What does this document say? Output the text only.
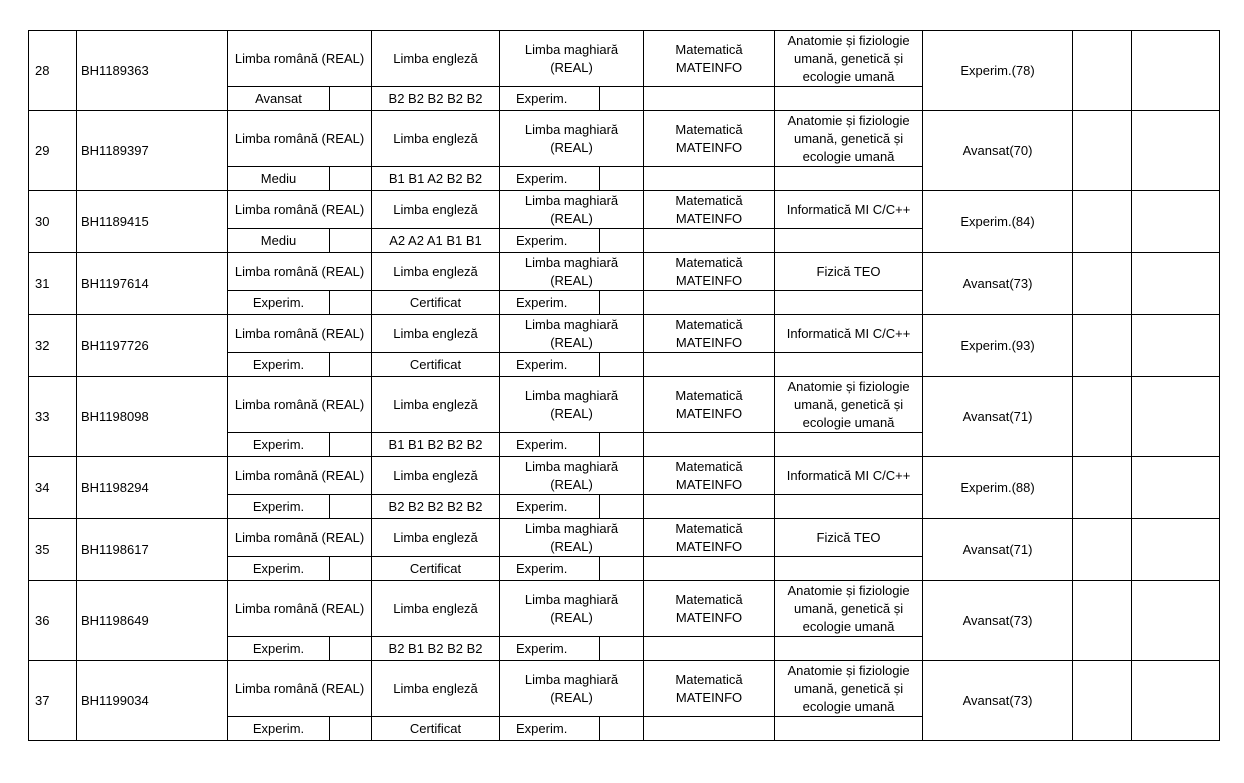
28	BH1189363	Limba română (REAL)		Limba engleză	Limba maghiară (REAL)		Matematică MATEINFO	Anatomie și fiziologie umană, genetică și ecologie umană	Experim.(78)		
		Avansat		B2 B2 B2 B2 B2	Experim.						
29	BH1189397	Limba română (REAL)		Limba engleză	Limba maghiară (REAL)		Matematică MATEINFO	Anatomie și fiziologie umană, genetică și ecologie umană	Avansat(70)		
		Mediu		B1 B1 A2 B2 B2	Experim.						
30	BH1189415	Limba română (REAL)		Limba engleză	Limba maghiară (REAL)		Matematică MATEINFO	Informatică MI C/C++	Experim.(84)		
		Mediu		A2 A2 A1 B1 B1	Experim.						
31	BH1197614	Limba română (REAL)		Limba engleză	Limba maghiară (REAL)		Matematică MATEINFO	Fizică TEO	Avansat(73)		
		Experim.		Certificat	Experim.						
32	BH1197726	Limba română (REAL)		Limba engleză	Limba maghiară (REAL)		Matematică MATEINFO	Informatică MI C/C++	Experim.(93)		
		Experim.		Certificat	Experim.						
33	BH1198098	Limba română (REAL)		Limba engleză	Limba maghiară (REAL)		Matematică MATEINFO	Anatomie și fiziologie umană, genetică și ecologie umană	Avansat(71)		
		Experim.		B1 B1 B2 B2 B2	Experim.						
34	BH1198294	Limba română (REAL)		Limba engleză	Limba maghiară (REAL)		Matematică MATEINFO	Informatică MI C/C++	Experim.(88)		
		Experim.		B2 B2 B2 B2 B2	Experim.						
35	BH1198617	Limba română (REAL)		Limba engleză	Limba maghiară (REAL)		Matematică MATEINFO	Fizică TEO	Avansat(71)		
		Experim.		Certificat	Experim.						
36	BH1198649	Limba română (REAL)		Limba engleză	Limba maghiară (REAL)		Matematică MATEINFO	Anatomie și fiziologie umană, genetică și ecologie umană	Avansat(73)		
		Experim.		B2 B1 B2 B2 B2	Experim.						
37	BH1199034	Limba română (REAL)		Limba engleză	Limba maghiară (REAL)		Matematică MATEINFO	Anatomie și fiziologie umană, genetică și ecologie umană	Avansat(73)		
		Experim.		Certificat	Experim.						
